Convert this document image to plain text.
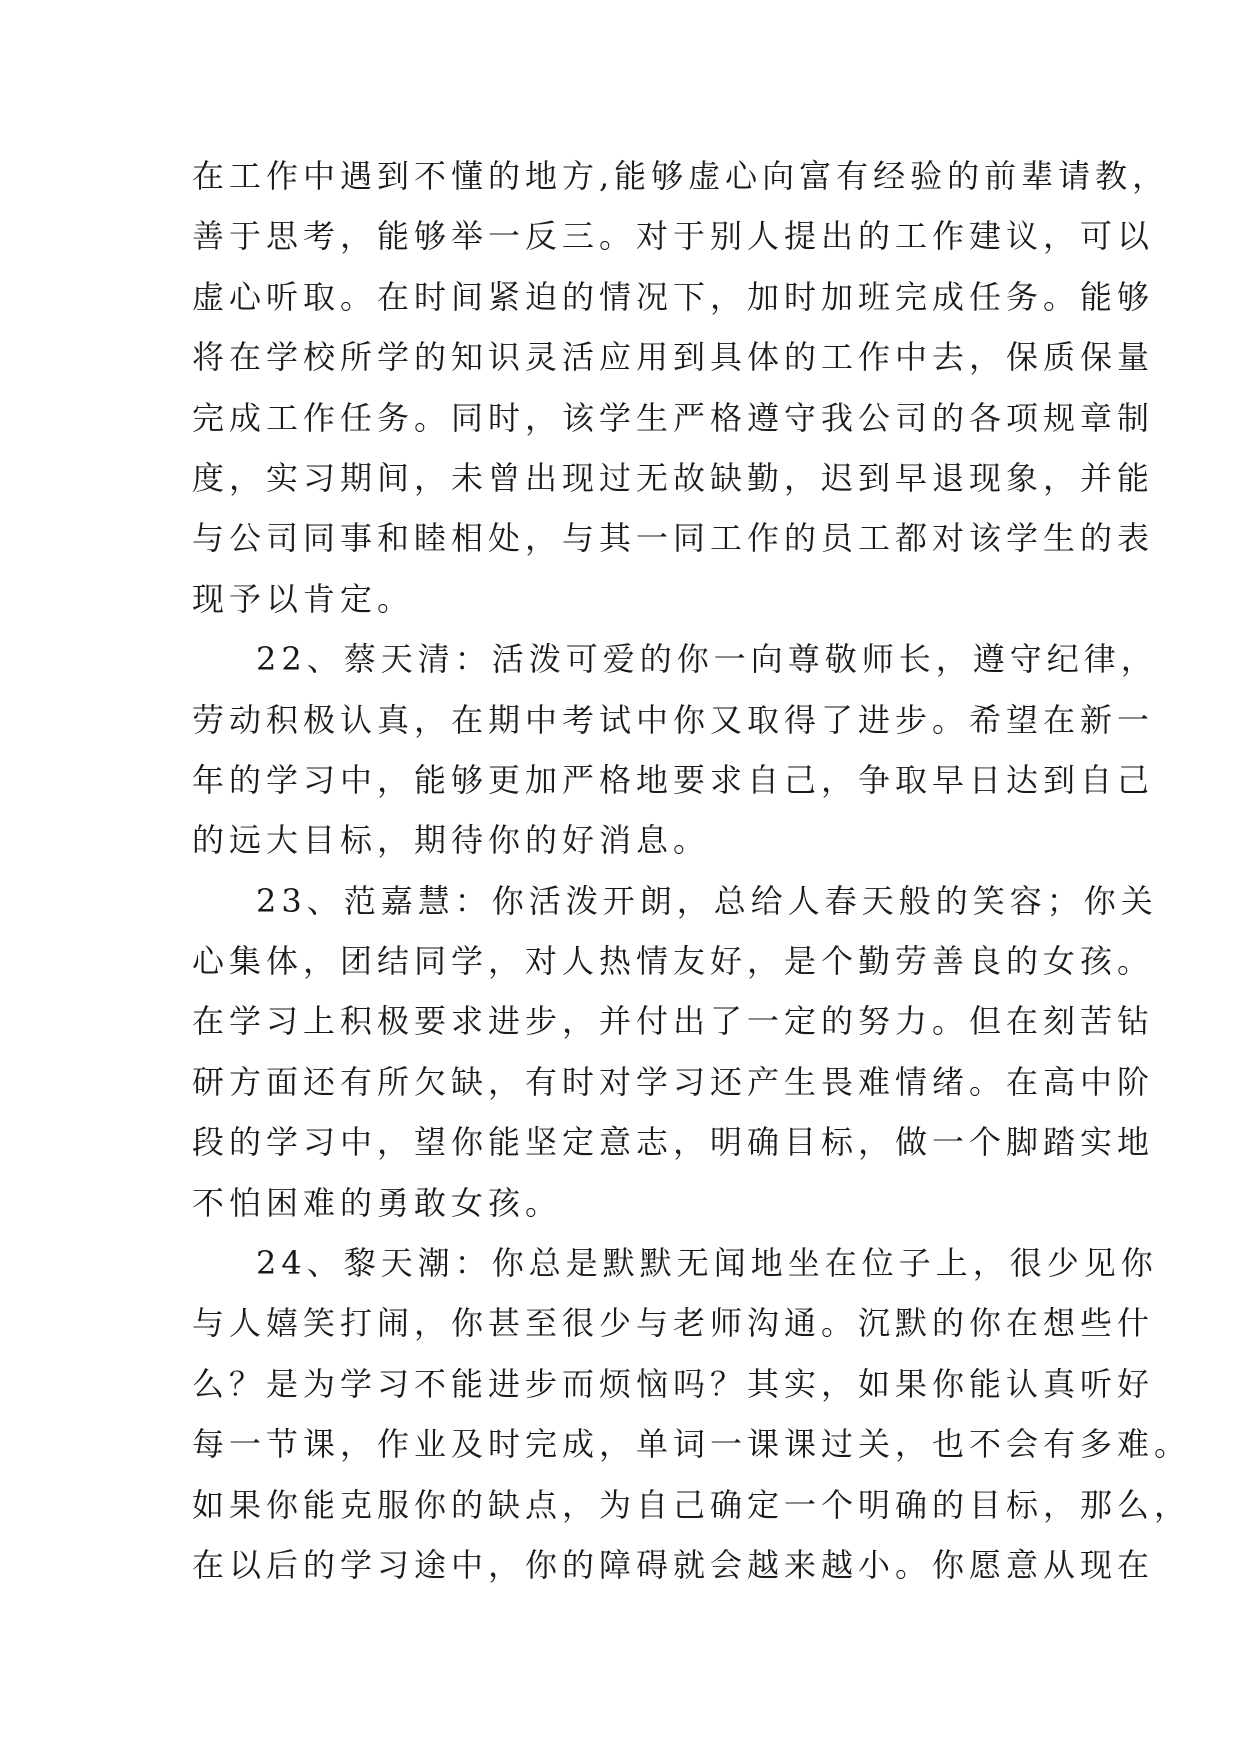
在工作中遇到不懂的地方,能够虚心向富有经验的前辈请教，
善于思考，能够举一反三。对于别人提出的工作建议，可以
虚心听取。在时间紧迫的情况下，加时加班完成任务。能够
将在学校所学的知识灵活应用到具体的工作中去，保质保量
完成工作任务。同时，该学生严格遵守我公司的各项规章制
度，实习期间，未曾出现过无故缺勤，迟到早退现象，并能
与公司同事和睦相处，与其一同工作的员工都对该学生的表
现予以肯定。
22、蔡天清：活泼可爱的你一向尊敬师长，遵守纪律，
劳动积极认真，在期中考试中你又取得了进步。希望在新一
年的学习中，能够更加严格地要求自己，争取早日达到自己
的远大目标，期待你的好消息。
23、范嘉慧：你活泼开朗，总给人春天般的笑容；你关
心集体，团结同学，对人热情友好，是个勤劳善良的女孩。
在学习上积极要求进步，并付出了一定的努力。但在刻苦钻
研方面还有所欠缺，有时对学习还产生畏难情绪。在高中阶
段的学习中，望你能坚定意志，明确目标，做一个脚踏实地
不怕困难的勇敢女孩。
24、黎天潮：你总是默默无闻地坐在位子上，很少见你
与人嬉笑打闹，你甚至很少与老师沟通。沉默的你在想些什
么？是为学习不能进步而烦恼吗？其实，如果你能认真听好
每一节课，作业及时完成，单词一课课过关，也不会有多难。
如果你能克服你的缺点，为自己确定一个明确的目标，那么，
在以后的学习途中，你的障碍就会越来越小。你愿意从现在
